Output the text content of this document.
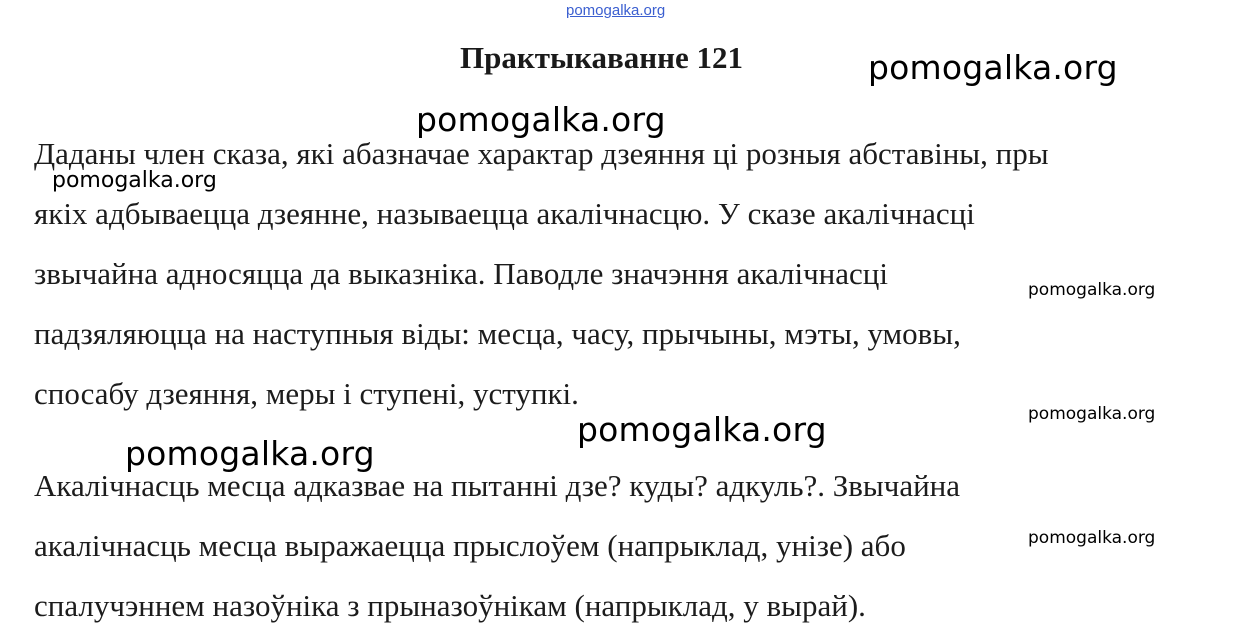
pomogalka.org
Практыкаванне 121
Даданы член сказа, які абазначае характар дзеяння ці розныя абставіны, пры
якіх адбываецца дзеянне, называецца акалічнасцю. У сказе акалічнасці
звычайна адносяцца да выказніка. Паводле значэння акалічнасці
падзяляюцца на наступныя віды: месца, часу, прычыны, мэты, умовы,
спосабу дзеяння, меры і ступені, уступкі.
Акалічнасць месца адказвае на пытанні дзе? куды? адкуль?. Звычайна
акалічнасць месца выражаецца прыслоўем (напрыклад, унізе) або
спалучэннем назоўніка з прыназоўнікам (напрыклад, у вырай).
pomogalka.org
pomogalka.org
pomogalka.org
pomogalka.org
pomogalka.org
pomogalka.org
pomogalka.org
pomogalka.org
